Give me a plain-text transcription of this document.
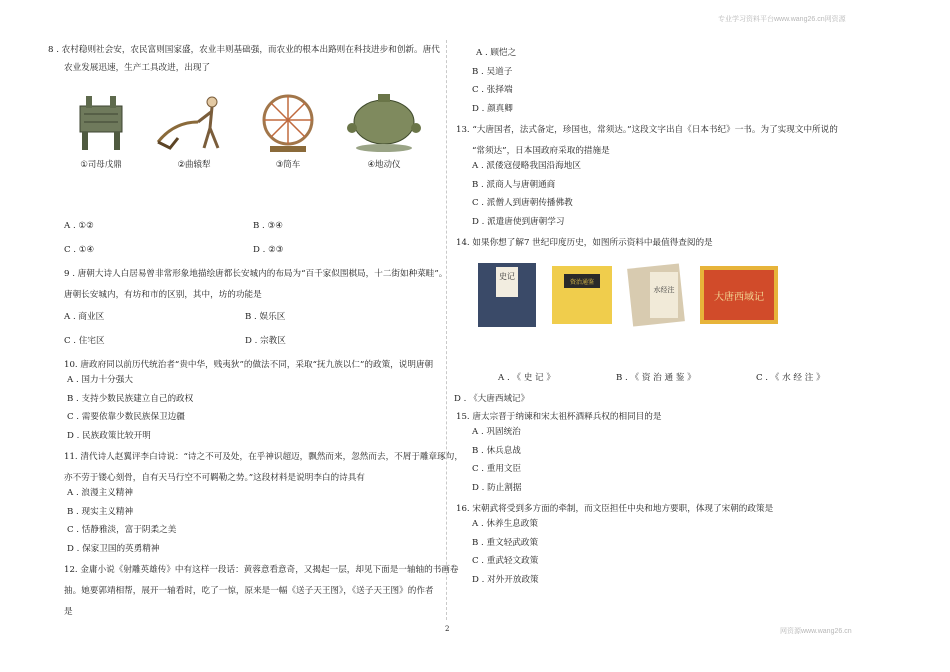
专业学习资料平台www.wang26.cn网资源
8 . 农村稳则社会安，农民富则国家盛，农业丰则基础强，而农业的根本出路则在科技进步和创新。唐代
农业发展迅速，生产工具改进，出现了
①司母戊鼎	②曲辕犁	③筒车	④地动仪
A . ①②	B . ③④
C . ①④	D . ②③
9 . 唐朝大诗人白居易曾非常形象地描绘唐都长安城内的布局为“百千家似围棋局，十二街如种菜畦”。
唐朝长安城内，有坊和市的区别，其中，坊的功能是
A . 商业区	B . 娱乐区
C . 住宅区	D . 宗教区
10. 唐政府同以前历代统治者“贵中华，贱夷狄”的做法不同，采取“抚九族以仁”的政策，说明唐朝
A . 国力十分强大
B . 支持少数民族建立自己的政权
C . 需要依靠少数民族保卫边疆
D . 民族政策比较开明
11. 清代诗人赵翼评李白诗说：“诗之不可及处，在乎神识超迈，飘然而来，忽然而去，不屑于雕章琢句，
亦不劳于镂心刻骨，自有天马行空不可羁勒之势。”这段材料是说明李白的诗具有
A . 浪漫主义精神
B . 现实主义精神
C . 恬静雅淡，富于阴柔之美
D . 保家卫国的英勇精神
12. 金庸小说《射雕英雄传》中有这样一段话：黄蓉意看意奇，又揭起一层，却见下面是一轴轴的书画卷
抽。她要郭靖相帮，展开一轴看时，吃了一惊，原来是一幅《送子天王图》，《送子天王图》的作者
是
A . 顾恺之
B . 吴道子
C . 张择端
D . 颜真卿
13. “大唐国者，法式备定，珍国也，常须达。”这段文字出自《日本书纪》一书。为了实现文中所说的
“常须达”，日本国政府采取的措施是
A . 派倭寇侵略我国沿海地区
B . 派商人与唐朝通商
C . 派僧人到唐朝传播佛教
D . 派遣唐使到唐朝学习
14. 如果你想了解7 世纪印度历史，如图所示资料中最值得查阅的是
史记
资治通鉴
水经注
大唐西域记
A . 《 史 记 》	B . 《 资 治 通 鉴 》	C . 《 水 经 注 》
D . 《大唐西域记》
15. 唐太宗晋于纳谏和宋太祖杯酒释兵权的相同目的是
A . 巩固统治
B . 休兵息战
C . 重用文臣
D . 防止割据
16. 宋朝武将受到多方面的牵制，而文臣担任中央和地方要职，体现了宋朝的政策是
A . 休养生息政策
B . 重文轻武政策
C . 重武轻文政策
D . 对外开放政策
2	网资源www.wang26.cn
